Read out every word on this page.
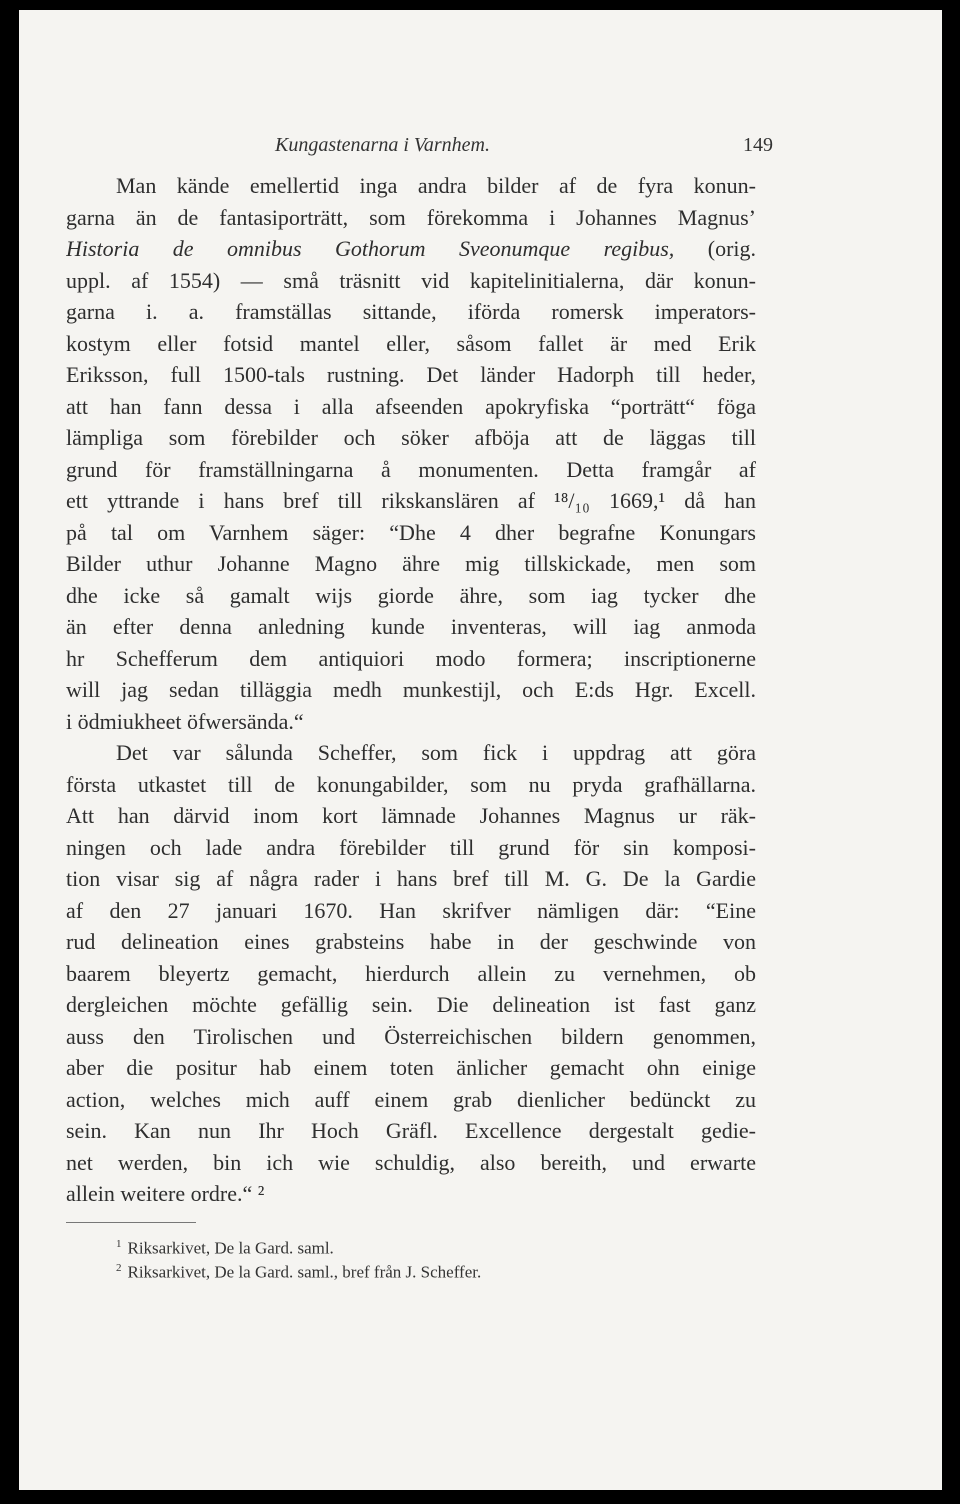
Kungastenarna i Varnhem.	149
Man kände emellertid inga andra bilder af de fyra konun-
garna än de fantasiporträtt, som förekomma i Johannes Magnus’
Historia de omnibus Gothorum Sveonumque regibus, (orig.
uppl. af 1554) — små träsnitt vid kapitelinitialerna, där konun-
garna i. a. framställas sittande, iförda romersk imperators-
kostym eller fotsid mantel eller, såsom fallet är med Erik
Eriksson, full 1500-tals rustning. Det länder Hadorph till heder,
att han fann dessa i alla afseenden apokryfiska “porträtt“ föga
lämpliga som förebilder och söker afböja att de läggas till
grund för framställningarna å monumenten. Detta framgår af
ett yttrande i hans bref till rikskanslären af ¹⁸/₁₀ 1669,¹ då han
på tal om Varnhem säger: “Dhe 4 dher begrafne Konungars
Bilder uthur Johanne Magno ähre mig tillskickade, men som
dhe icke så gamalt wijs giorde ähre, som iag tycker dhe
än efter denna anledning kunde inventeras, will iag anmoda
hr Schefferum dem antiquiori modo formera; inscriptionerne
will jag sedan tilläggia medh munkestijl, och E:ds Hgr. Excell.
i ödmiukheet öfwersända.“
Det var sålunda Scheffer, som fick i uppdrag att göra
första utkastet till de konungabilder, som nu pryda grafhällarna.
Att han därvid inom kort lämnade Johannes Magnus ur räk-
ningen och lade andra förebilder till grund för sin komposi-
tion visar sig af några rader i hans bref till M. G. De la Gardie
af den 27 januari 1670. Han skrifver nämligen där: “Eine
rud delineation eines grabsteins habe in der geschwinde von
baarem bleyertz gemacht, hierdurch allein zu vernehmen, ob
dergleichen möchte gefällig sein. Die delineation ist fast ganz
auss den Tirolischen und Österreichischen bildern genommen,
aber die positur hab einem toten änlicher gemacht ohn einige
action, welches mich auff einem grab dienlicher bedünckt zu
sein. Kan nun Ihr Hoch Gräfl. Excellence dergestalt gedie-
net werden, bin ich wie schuldig, also bereith, und erwarte
allein weitere ordre.“ ²
$^1$ Riksarkivet, De la Gard. saml.
$^2$ Riksarkivet, De la Gard. saml., bref från J. Scheffer.
